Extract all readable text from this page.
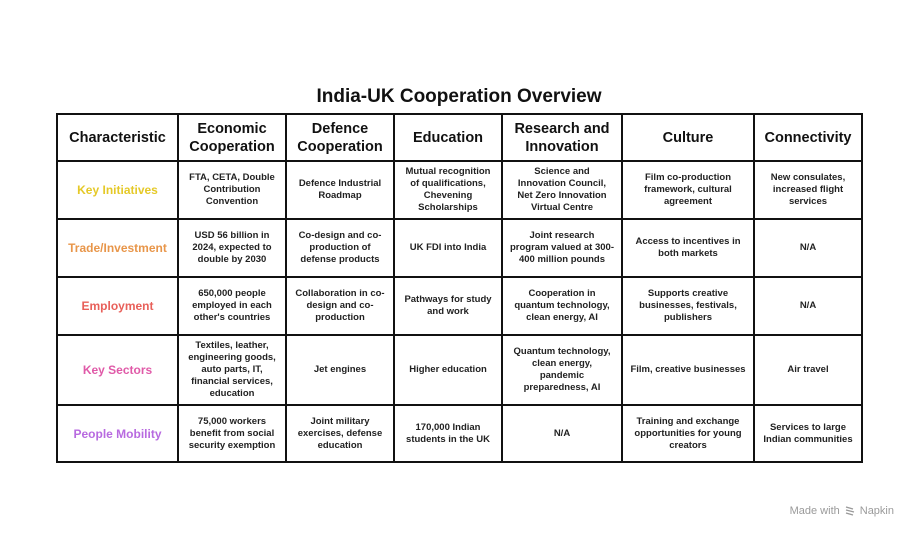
India-UK Cooperation Overview
Characteristic	Economic Cooperation	Defence Cooperation	Education	Research and Innovation	Culture	Connectivity
Key Initiatives	FTA, CETA, Double Contribution Convention	Defence Industrial Roadmap	Mutual recognition of qualifications, Chevening Scholarships	Science and Innovation Council, Net Zero Innovation Virtual Centre	Film co-production framework, cultural agreement	New consulates, increased flight services
Trade/Investment	USD 56 billion in 2024, expected to double by 2030	Co-design and co-production of defense products	UK FDI into India	Joint research program valued at 300-400 million pounds	Access to incentives in both markets	N/A
Employment	650,000 people employed in each other's countries	Collaboration in co-design and co-production	Pathways for study and work	Cooperation in quantum technology, clean energy, AI	Supports creative businesses, festivals, publishers	N/A
Key Sectors	Textiles, leather, engineering goods, auto parts, IT, financial services, education	Jet engines	Higher education	Quantum technology, clean energy, pandemic preparedness, AI	Film, creative businesses	Air travel
People Mobility	75,000 workers benefit from social security exemption	Joint military exercises, defense education	170,000 Indian students in the UK	N/A	Training and exchange opportunities for young creators	Services to large Indian communities
Made with Napkin
